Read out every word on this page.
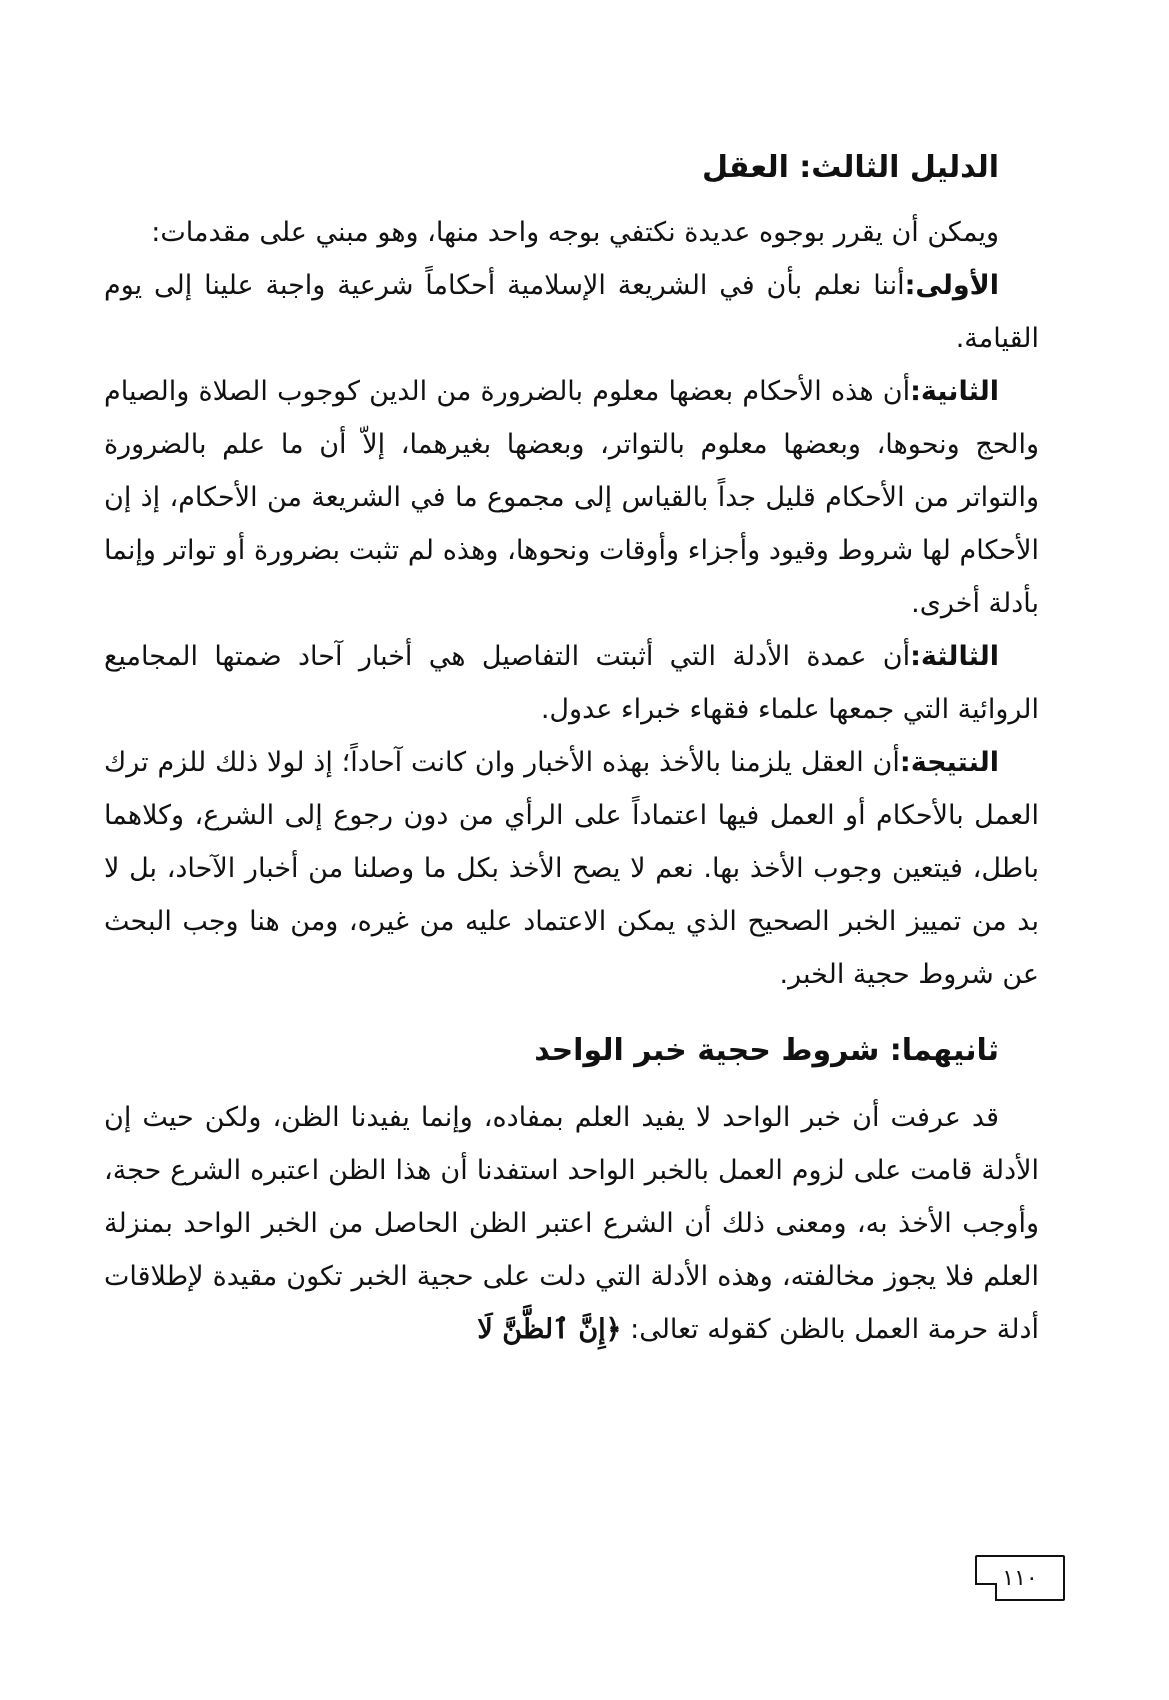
الدليل الثالث: العقل

ويمكن أن يقرر بوجوه عديدة نكتفي بوجه واحد منها، وهو مبني على مقدمات:

الأولى:أننا نعلم بأن في الشريعة الإسلامية أحكاماً شرعية واجبة علينا إلى يوم القيامة.

الثانية:أن هذه الأحكام بعضها معلوم بالضرورة من الدين كوجوب الصلاة والصيام والحج ونحوها، وبعضها معلوم بالتواتر، وبعضها بغيرهما، إلاّ أن ما علم بالضرورة والتواتر من الأحكام قليل جداً بالقياس إلى مجموع ما في الشريعة من الأحكام، إذ إن الأحكام لها شروط وقيود وأجزاء وأوقات ونحوها، وهذه لم تثبت بضرورة أو تواتر وإنما بأدلة أخرى.

الثالثة:أن عمدة الأدلة التي أثبتت التفاصيل هي أخبار آحاد ضمتها المجاميع الروائية التي جمعها علماء فقهاء خبراء عدول.

النتيجة:أن العقل يلزمنا بالأخذ بهذه الأخبار وان كانت آحاداً؛ إذ لولا ذلك للزم ترك العمل بالأحكام أو العمل فيها اعتماداً على الرأي من دون رجوع إلى الشرع، وكلاهما باطل، فيتعين وجوب الأخذ بها. نعم لا يصح الأخذ بكل ما وصلنا من أخبار الآحاد، بل لا بد من تمييز الخبر الصحيح الذي يمكن الاعتماد عليه من غيره، ومن هنا وجب البحث عن شروط حجية الخبر.

ثانيهما: شروط حجية خبر الواحد

قد عرفت أن خبر الواحد لا يفيد العلم بمفاده، وإنما يفيدنا الظن، ولكن حيث إن الأدلة قامت على لزوم العمل بالخبر الواحد استفدنا أن هذا الظن اعتبره الشرع حجة، وأوجب الأخذ به، ومعنى ذلك أن الشرع اعتبر الظن الحاصل من الخبر الواحد بمنزلة العلم فلا يجوز مخالفته، وهذه الأدلة التي دلت على حجية الخبر تكون مقيدة لإطلاقات أدلة حرمة العمل بالظن كقوله تعالى: ﴿إِنَّ ٱلظَّنَّ لَا

١١٠
